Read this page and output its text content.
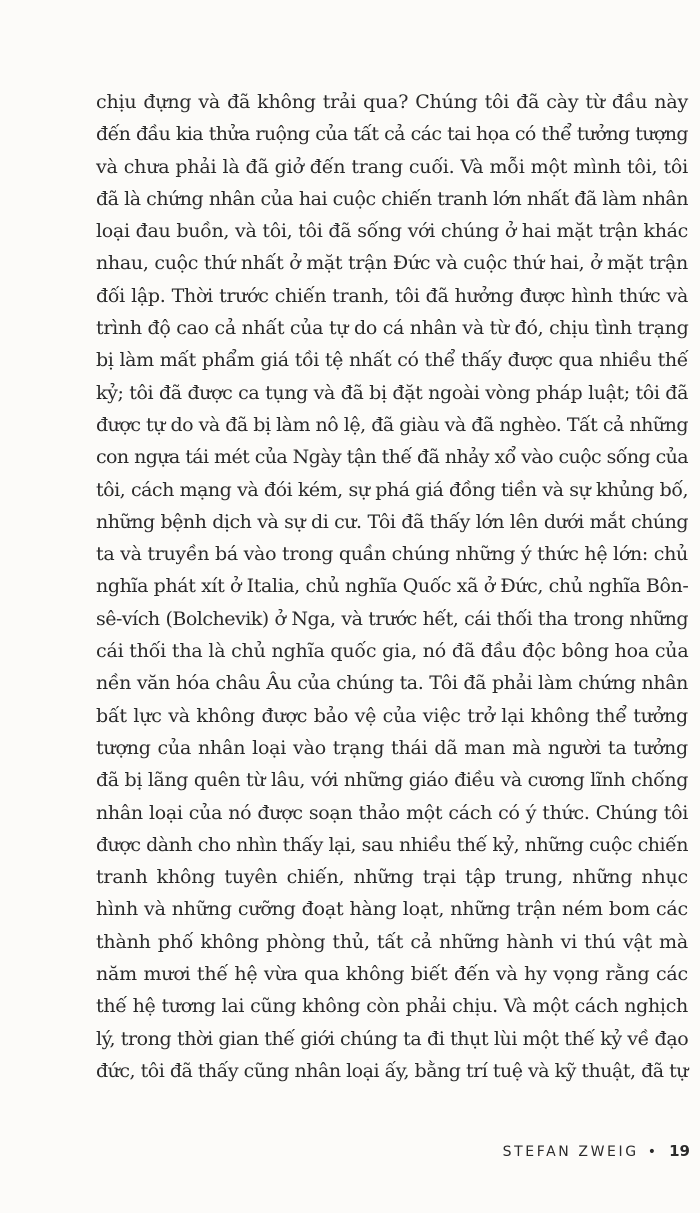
chịu đựng và đã không trải qua? Chúng tôi đã cày từ đầu này
đến đầu kia thửa ruộng của tất cả các tai họa có thể tưởng tượng
và chưa phải là đã giở đến trang cuối. Và mỗi một mình tôi, tôi
đã là chứng nhân của hai cuộc chiến tranh lớn nhất đã làm nhân
loại đau buồn, và tôi, tôi đã sống với chúng ở hai mặt trận khác
nhau, cuộc thứ nhất ở mặt trận Đức và cuộc thứ hai, ở mặt trận
đối lập. Thời trước chiến tranh, tôi đã hưởng được hình thức và
trình độ cao cả nhất của tự do cá nhân và từ đó, chịu tình trạng
bị làm mất phẩm giá tồi tệ nhất có thể thấy được qua nhiều thế
kỷ; tôi đã được ca tụng và đã bị đặt ngoài vòng pháp luật; tôi đã
được tự do và đã bị làm nô lệ, đã giàu và đã nghèo. Tất cả những
con ngựa tái mét của Ngày tận thế đã nhảy xổ vào cuộc sống của
tôi, cách mạng và đói kém, sự phá giá đồng tiền và sự khủng bố,
những bệnh dịch và sự di cư. Tôi đã thấy lớn lên dưới mắt chúng
ta và truyền bá vào trong quần chúng những ý thức hệ lớn: chủ
nghĩa phát xít ở Italia, chủ nghĩa Quốc xã ở Đức, chủ nghĩa Bôn-
sê-vích (Bolchevik) ở Nga, và trước hết, cái thối tha trong những
cái thối tha là chủ nghĩa quốc gia, nó đã đầu độc bông hoa của
nền văn hóa châu Âu của chúng ta. Tôi đã phải làm chứng nhân
bất lực và không được bảo vệ của việc trở lại không thể tưởng
tượng của nhân loại vào trạng thái dã man mà người ta tưởng
đã bị lãng quên từ lâu, với những giáo điều và cương lĩnh chống
nhân loại của nó được soạn thảo một cách có ý thức. Chúng tôi
được dành cho nhìn thấy lại, sau nhiều thế kỷ, những cuộc chiến
tranh không tuyên chiến, những trại tập trung, những nhục
hình và những cưỡng đoạt hàng loạt, những trận ném bom các
thành phố không phòng thủ, tất cả những hành vi thú vật mà
năm mươi thế hệ vừa qua không biết đến và hy vọng rằng các
thế hệ tương lai cũng không còn phải chịu. Và một cách nghịch
lý, trong thời gian thế giới chúng ta đi thụt lùi một thế kỷ về đạo
đức, tôi đã thấy cũng nhân loại ấy, bằng trí tuệ và kỹ thuật, đã tự
STEFAN ZWEIG • 19
